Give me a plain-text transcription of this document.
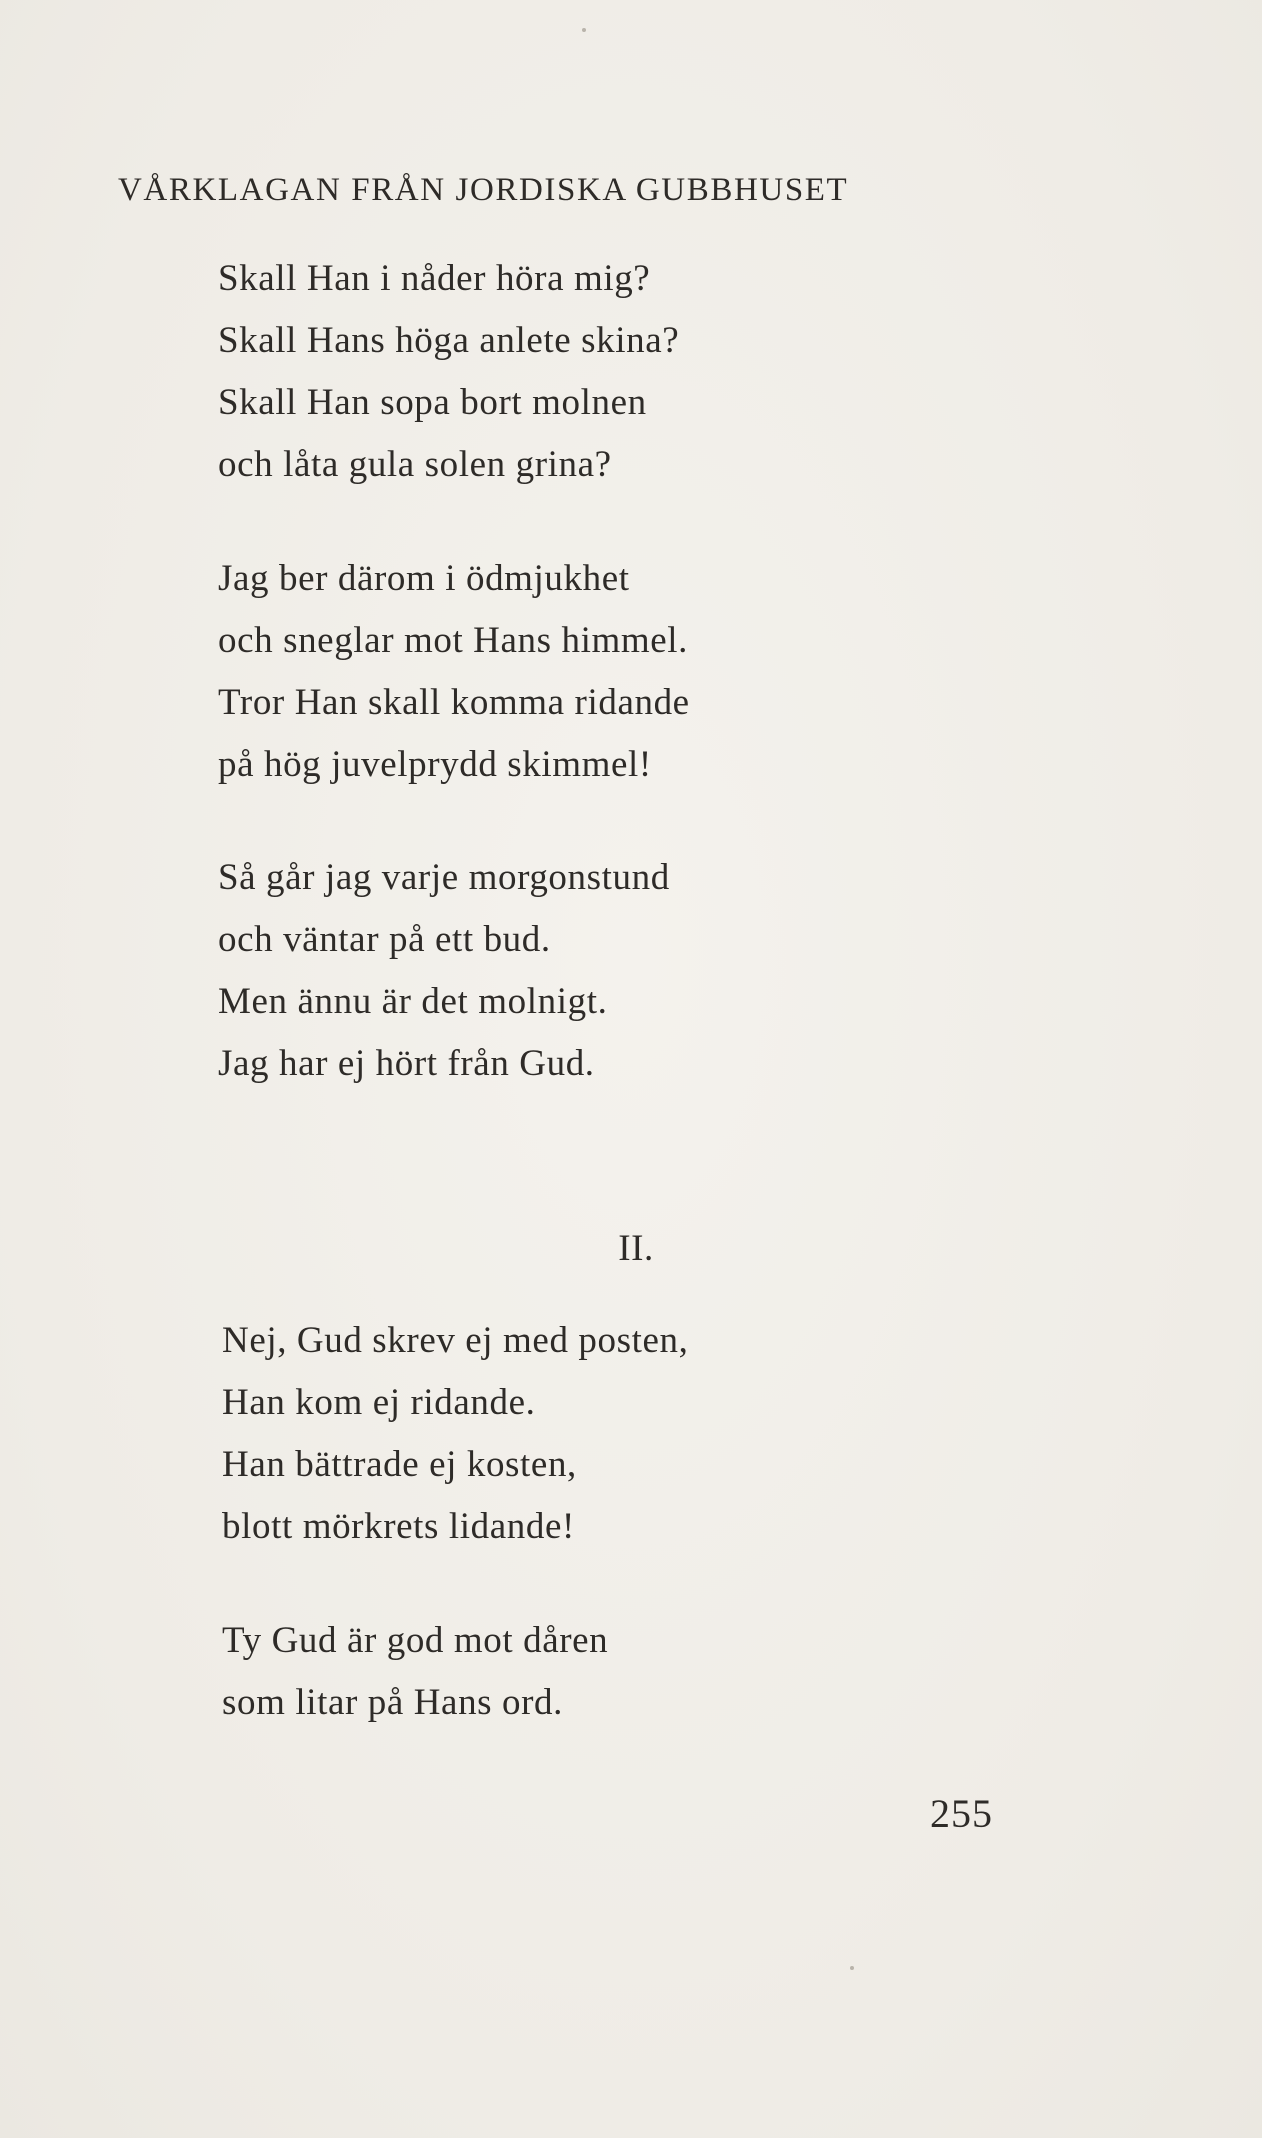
VÅRKLAGAN FRÅN JORDISKA GUBBHUSET
Skall Han i nåder höra mig?
Skall Hans höga anlete skina?
Skall Han sopa bort molnen
och låta gula solen grina?
Jag ber därom i ödmjukhet
och sneglar mot Hans himmel.
Tror Han skall komma ridande
på hög juvelprydd skimmel!
Så går jag varje morgonstund
och väntar på ett bud.
Men ännu är det molnigt.
Jag har ej hört från Gud.
II.
Nej, Gud skrev ej med posten,
Han kom ej ridande.
Han bättrade ej kosten,
blott mörkrets lidande!
Ty Gud är god mot dåren
som litar på Hans ord.
255
